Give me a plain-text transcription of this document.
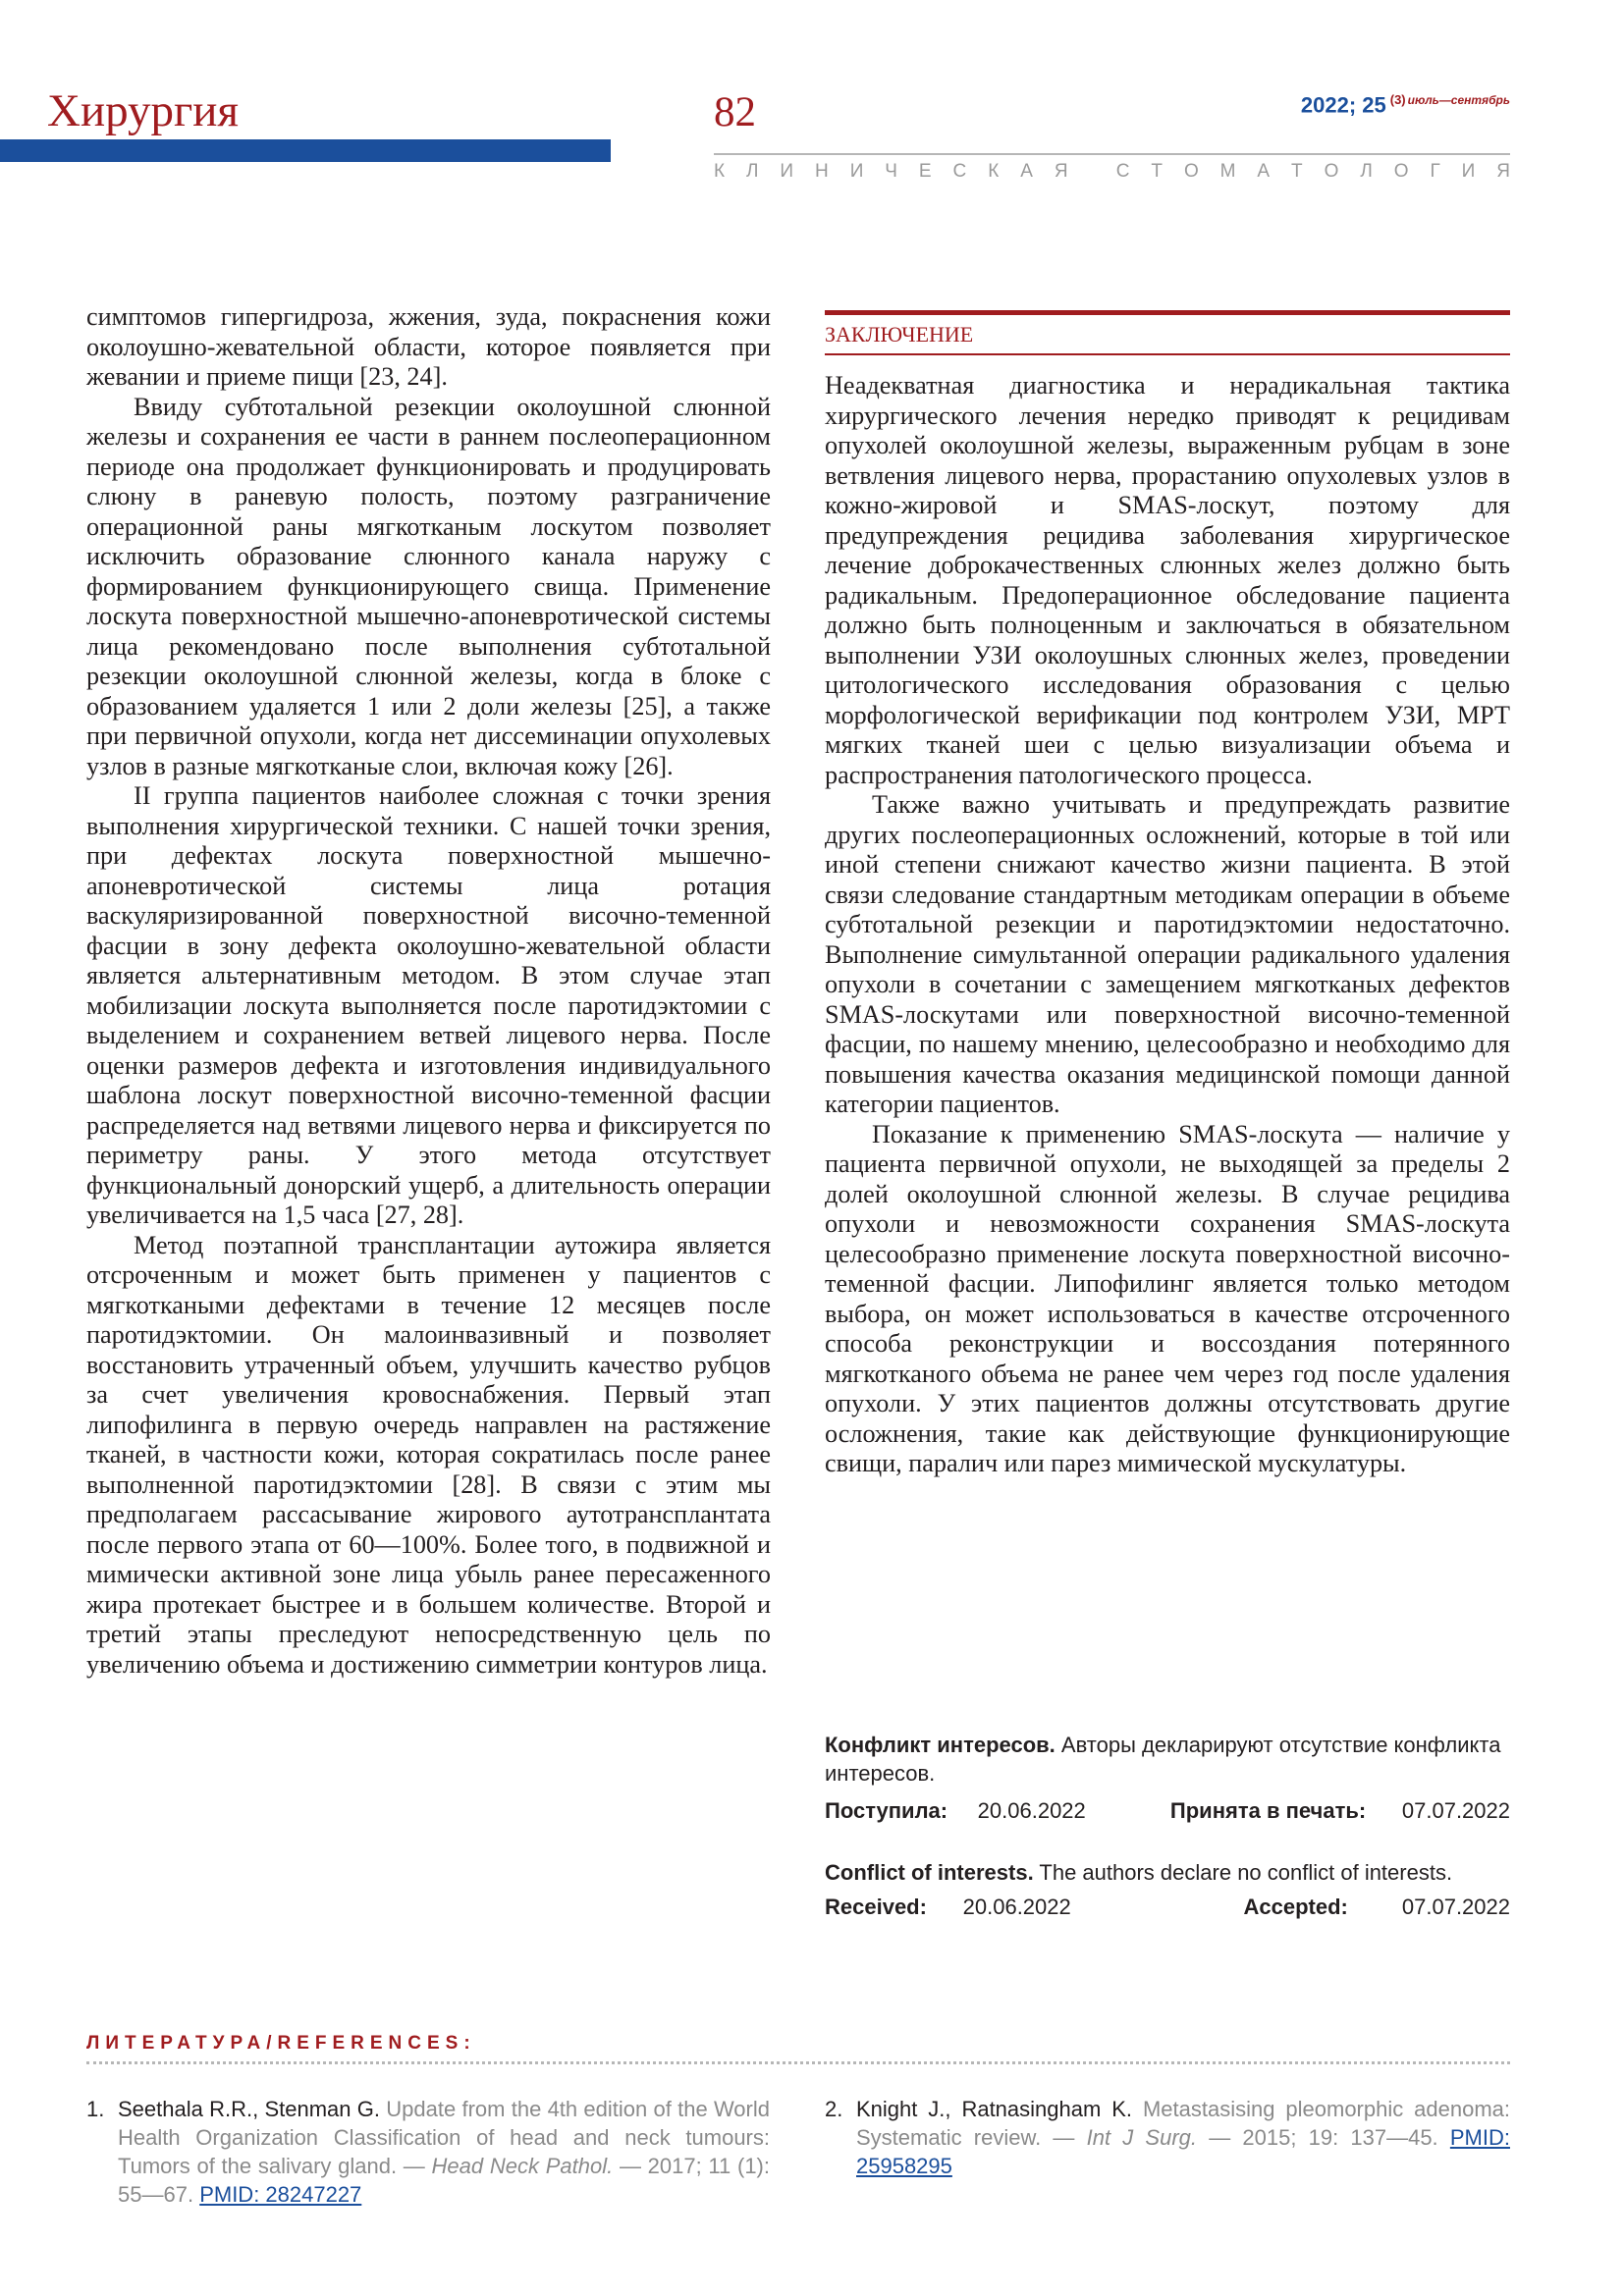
Хирургия	82	2022; 25 $^{(3)}$ $^{июль—сентябрь}$
К Л И Н И Ч Е С К А Я
	С Т О М А Т О Л О Г И Я

симптомов гипергидроза, жжения, зуда, покраснения кожи околоушно-жевательной области, которое появляется при жевании и приеме пищи [23, 24].

Ввиду субтотальной резекции околоушной слюнной железы и сохранения ее части в раннем послеоперационном периоде она продолжает функционировать и продуцировать слюну в раневую полость, поэтому разграничение операционной раны мягкотканым лоскутом позволяет исключить образование слюнного канала наружу с формированием функционирующего свища. Применение лоскута поверхностной мышечно-апоневротической системы лица рекомендовано после выполнения субтотальной резекции околоушной слюнной железы, когда в блоке с образованием удаляется 1 или 2 доли железы [25], а также при первичной опухоли, когда нет диссеминации опухолевых узлов в разные мягкотканые слои, включая кожу [26].

II группа пациентов наиболее сложная с точки зрения выполнения хирургической техники. С нашей точки зрения, при дефектах лоскута поверхностной мышечно-апоневротической системы лица ротация васкуляризированной поверхностной височно-теменной фасции в зону дефекта околоушно-жевательной области является альтернативным методом. В этом случае этап мобилизации лоскута выполняется после паротидэктомии с выделением и сохранением ветвей лицевого нерва. После оценки размеров дефекта и изготовления индивидуального шаблона лоскут поверхностной височно-теменной фасции распределяется над ветвями лицевого нерва и фиксируется по периметру раны. У этого метода отсутствует функциональный донорский ущерб, а длительность операции увеличивается на 1,5 часа [27, 28].

Метод поэтапной трансплантации аутожира является отсроченным и может быть применен у пациентов с мягкоткаными дефектами в течение 12 месяцев после паротидэктомии. Он малоинвазивный и позволяет восстановить утраченный объем, улучшить качество рубцов за счет увеличения кровоснабжения. Первый этап липофилинга в первую очередь направлен на растяжение тканей, в частности кожи, которая сократилась после ранее выполненной паротидэктомии [28]. В связи с этим мы предполагаем рассасывание жирового аутотрансплантата после первого этапа от 60—100%. Более того, в подвижной и мимически активной зоне лица убыль ранее пересаженного жира протекает быстрее и в большем количестве. Второй и третий этапы преследуют непосредственную цель по увеличению объема и достижению симметрии контуров лица.

ЗАКЛЮЧЕНИЕ

Неадекватная диагностика и нерадикальная тактика хирургического лечения нередко приводят к рецидивам опухолей околоушной железы, выраженным рубцам в зоне ветвления лицевого нерва, прорастанию опухолевых узлов в кожно-жировой и SMAS-лоскут, поэтому для предупреждения рецидива заболевания хирургическое лечение доброкачественных слюнных желез должно быть радикальным. Предоперационное обследование пациента должно быть полноценным и заключаться в обязательном выполнении УЗИ околоушных слюнных желез, проведении цитологического исследования образования с целью морфологической верификации под контролем УЗИ, МРТ мягких тканей шеи с целью визуализации объема и распространения патологического процесса.

Также важно учитывать и предупреждать развитие других послеоперационных осложнений, которые в той или иной степени снижают качество жизни пациента. В этой связи следование стандартным методикам операции в объеме субтотальной резекции и паротидэктомии недостаточно. Выполнение симультанной операции радикального удаления опухоли в сочетании с замещением мягкотканых дефектов SMAS-лоскутами или поверхностной височно-теменной фасции, по нашему мнению, целесообразно и необходимо для повышения качества оказания медицинской помощи данной категории пациентов.

Показание к применению SMAS-лоскута — наличие у пациента первичной опухоли, не выходящей за пределы 2 долей околоушной слюнной железы. В случае рецидива опухоли и невозможности сохранения SMAS-лоскута целесообразно применение лоскута поверхностной височно-теменной фасции. Липофилинг является только методом выбора, он может использоваться в качестве отсроченного способа реконструкции и воссоздания потерянного мягкотканого объема не ранее чем через год после удаления опухоли. У этих пациентов должны отсутствовать другие осложнения, такие как действующие функционирующие свищи, паралич или парез мимической мускулатуры.

Конфликт интересов. Авторы декларируют отсутствие конфликта интересов.
Поступила: 20.06.2022	Принята в печать: 07.07.2022
Conflict of interests. The authors declare no conflict of interests.
Received: 20.06.2022	Accepted:	07.07.2022
ЛИТЕРАТУРА/REFERENCES:
1. Seethala R.R., Stenman G. Update from the 4th edition of the World Health Organization Classification of head and neck tumours: Tumors of the salivary gland. — Head Neck Pathol. — 2017; 11 (1): 55—67. PMID: 28247227
2. Knight J., Ratnasingham K. Metastasising pleomorphic adenoma: Systematic review. — Int J Surg. — 2015; 19: 137—45. PMID: 25958295
